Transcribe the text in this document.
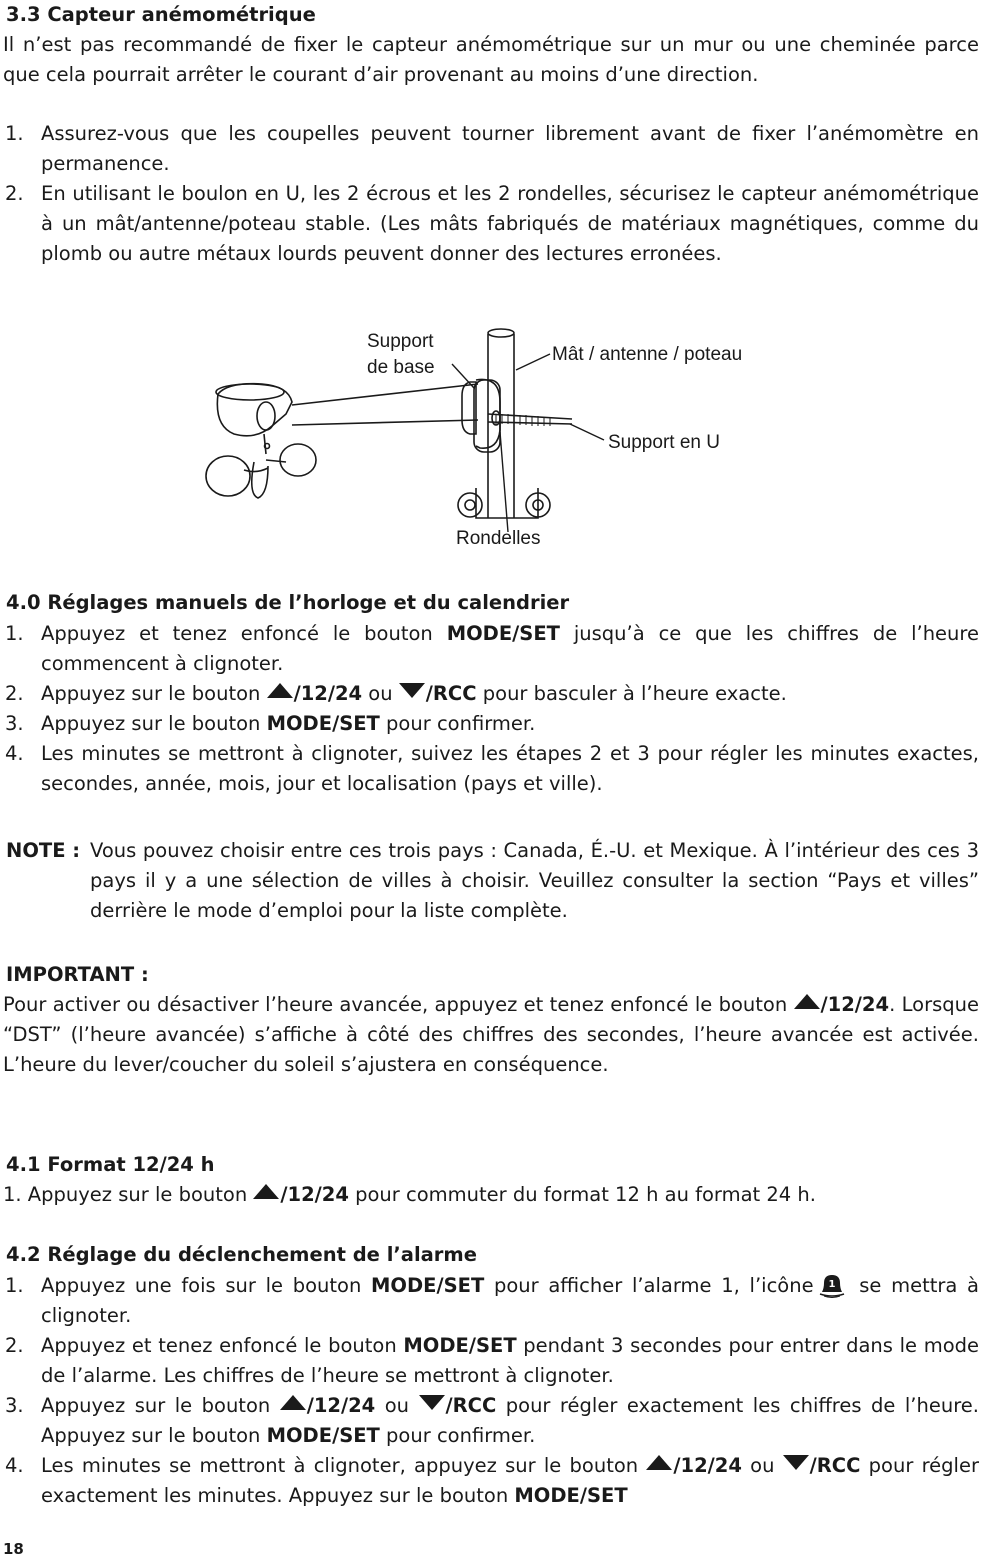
3.3 Capteur anémométrique
Il n’est pas recommandé de fixer le capteur anémométrique sur un mur ou une cheminée parce que cela pourrait arrêter le courant d’air provenant au moins d’une direction.
1. Assurez-vous que les coupelles peuvent tourner librement avant de fixer l’anémomètre en permanence.
2. En utilisant le boulon en U, les 2 écrous et les 2 rondelles, sécurisez le capteur anémométrique à un mât/antenne/poteau stable. (Les mâts fabriqués de matériaux magnétiques, comme du plomb ou autre métaux lourds peuvent donner des lectures erronées.
Support
de base
Mât / antenne / poteau
Support en U
Rondelles
4.0 Réglages manuels de l’horloge et du calendrier
1. Appuyez et tenez enfoncé le bouton MODE/SET jusqu’à ce que les chiffres de l’heure commencent à clignoter.
2. Appuyez sur le bouton /12/24 ou /RCC pour basculer à l’heure exacte.
3. Appuyez sur le bouton MODE/SET pour confirmer.
4. Les minutes se mettront à clignoter, suivez les étapes 2 et 3 pour régler les minutes exactes, secondes, année, mois, jour et localisation (pays et ville).
NOTE : Vous pouvez choisir entre ces trois pays : Canada, É.-U. et Mexique. À l’intérieur des ces 3 pays il y a une sélection de villes à choisir. Veuillez consulter la section “Pays et villes” derrière le mode d’emploi pour la liste complète.
IMPORTANT :
Pour activer ou désactiver l’heure avancée, appuyez et tenez enfoncé le bouton /12/24. Lorsque “DST” (l’heure avancée) s’affiche à côté des chiffres des secondes, l’heure avancée est activée. L’heure du lever/coucher du soleil s’ajustera en conséquence.
4.1 Format 12/24 h
1. Appuyez sur le bouton /12/24 pour commuter du format 12 h au format 24 h.
4.2 Réglage du déclenchement de l’alarme
1. Appuyez une fois sur le bouton MODE/SET pour afficher l’alarme 1, l’icône 1 se mettra à clignoter.
2. Appuyez et tenez enfoncé le bouton MODE/SET pendant 3 secondes pour entrer dans le mode de l’alarme. Les chiffres de l’heure se mettront à clignoter.
3. Appuyez sur le bouton /12/24 ou /RCC pour régler exactement les chiffres de l’heure. Appuyez sur le bouton MODE/SET pour confirmer.
4. Les minutes se mettront à clignoter, appuyez sur le bouton /12/24 ou /RCC pour régler exactement les minutes. Appuyez sur le bouton MODE/SET
18
